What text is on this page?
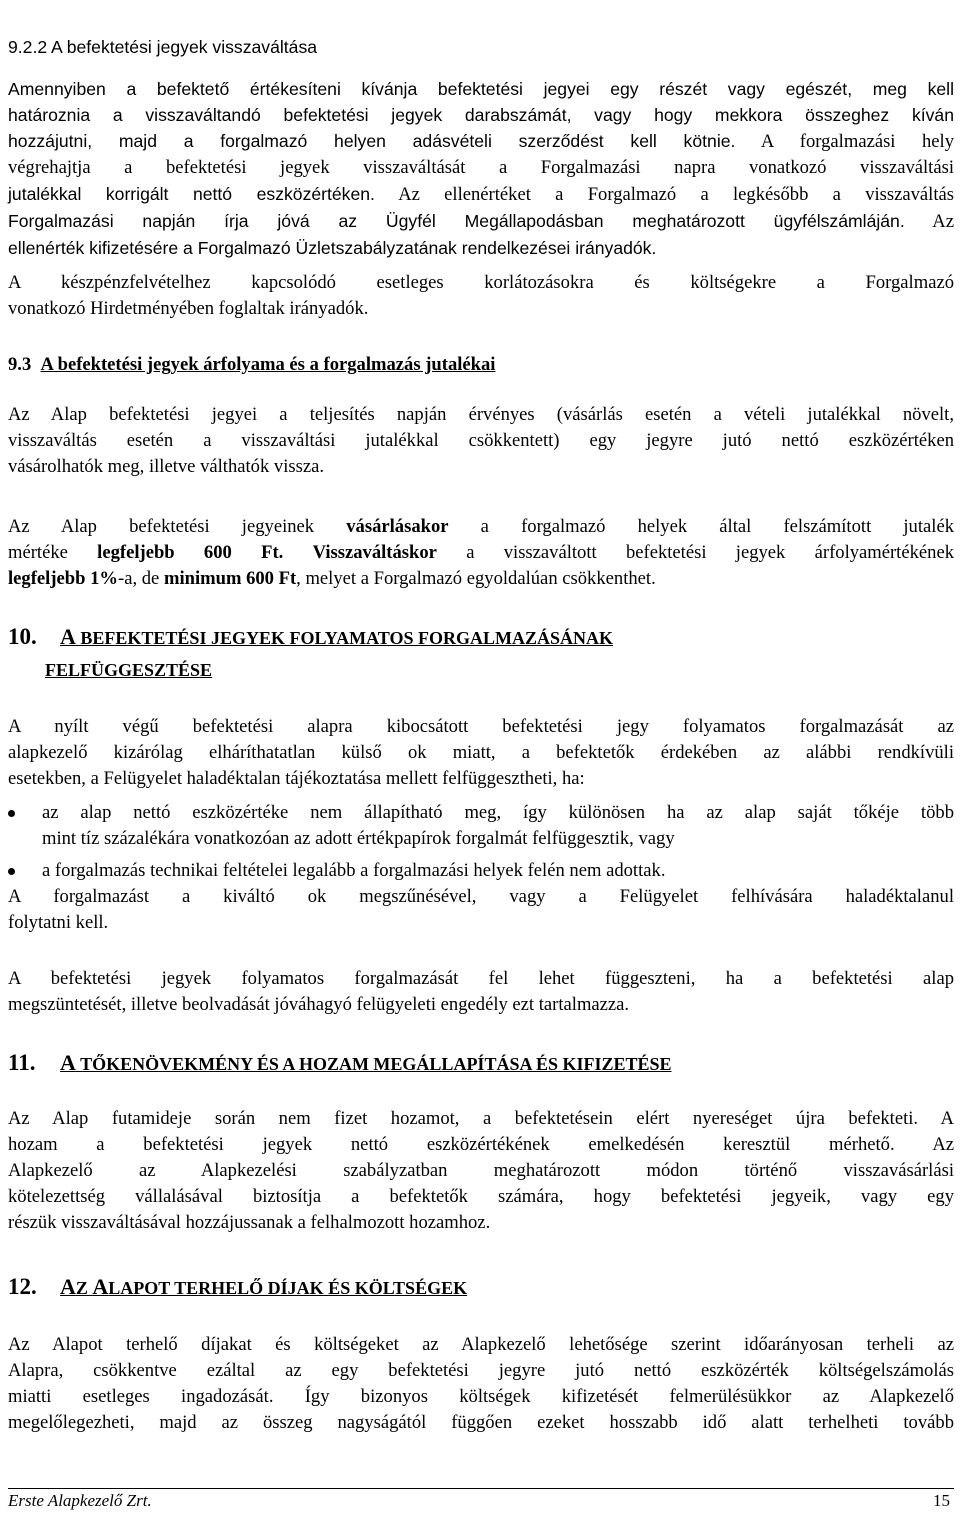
9.2.2 A befektetési jegyek visszaváltása
Amennyiben a befektető értékesíteni kívánja befektetési jegyei egy részét vagy egészét, meg kell
határoznia a visszaváltandó befektetési jegyek darabszámát, vagy hogy mekkora összeghez kíván
hozzájutni, majd a forgalmazó helyen adásvételi szerződést kell kötnie. A forgalmazási hely
végrehajtja a befektetési jegyek visszaváltását a Forgalmazási napra vonatkozó visszaváltási
jutalékkal korrigált nettó eszközértéken. Az ellenértéket a Forgalmazó a legkésőbb a visszaváltás
Forgalmazási napján írja jóvá az Ügyfél Megállapodásban meghatározott ügyfélszámláján. Az
ellenérték kifizetésére a Forgalmazó Üzletszabályzatának rendelkezései irányadók.
A készpénzfelvételhez kapcsolódó esetleges korlátozásokra és költségekre a Forgalmazó
vonatkozó Hirdetményében foglaltak irányadók.
9.3 A befektetési jegyek árfolyama és a forgalmazás jutalékai
Az Alap befektetési jegyei a teljesítés napján érvényes (vásárlás esetén a vételi jutalékkal növelt,
visszaváltás esetén a visszaváltási jutalékkal csökkentett) egy jegyre jutó nettó eszközértéken
vásárolhatók meg, illetve válthatók vissza.
Az Alap befektetési jegyeinek vásárlásakor a forgalmazó helyek által felszámított jutalék
mértéke legfeljebb 600 Ft. Visszaváltáskor a visszaváltott befektetési jegyek árfolyamértékének
legfeljebb 1%-a, de minimum 600 Ft, melyet a Forgalmazó egyoldalúan csökkenthet.
10. A BEFEKTETÉSI JEGYEK FOLYAMATOS FORGALMAZÁSÁNAK
FELFÜGGESZTÉSE
A nyílt végű befektetési alapra kibocsátott befektetési jegy folyamatos forgalmazását az
alapkezelő kizárólag elháríthatatlan külső ok miatt, a befektetők érdekében az alábbi rendkívüli
esetekben, a Felügyelet haladéktalan tájékoztatása mellett felfüggesztheti, ha:
az alap nettó eszközértéke nem állapítható meg, így különösen ha az alap saját tőkéje több
mint tíz százalékára vonatkozóan az adott értékpapírok forgalmát felfüggesztik, vagy
a forgalmazás technikai feltételei legalább a forgalmazási helyek felén nem adottak.
A forgalmazást a kiváltó ok megszűnésével, vagy a Felügyelet felhívására haladéktalanul
folytatni kell.
A befektetési jegyek folyamatos forgalmazását fel lehet függeszteni, ha a befektetési alap
megszüntetését, illetve beolvadását jóváhagyó felügyeleti engedély ezt tartalmazza.
11. A TŐKENÖVEKMÉNY ÉS A HOZAM MEGÁLLAPÍTÁSA ÉS KIFIZETÉSE
Az Alap futamideje során nem fizet hozamot, a befektetésein elért nyereséget újra befekteti. A
hozam a befektetési jegyek nettó eszközértékének emelkedésén keresztül mérhető. Az
Alapkezelő az Alapkezelési szabályzatban meghatározott módon történő visszavásárlási
kötelezettség vállalásával biztosítja a befektetők számára, hogy befektetési jegyeik, vagy egy
részük visszaváltásával hozzájussanak a felhalmozott hozamhoz.
12. AZ ALAPOT TERHELŐ DÍJAK ÉS KÖLTSÉGEK
Az Alapot terhelő díjakat és költségeket az Alapkezelő lehetősége szerint időarányosan terheli az
Alapra, csökkentve ezáltal az egy befektetési jegyre jutó nettó eszközérték költségelszámolás
miatti esetleges ingadozását. Így bizonyos költségek kifizetését felmerülésükkor az Alapkezelő
megelőlegezheti, majd az összeg nagyságától függően ezeket hosszabb idő alatt terhelheti tovább
Erste Alapkezelő Zrt.	15
